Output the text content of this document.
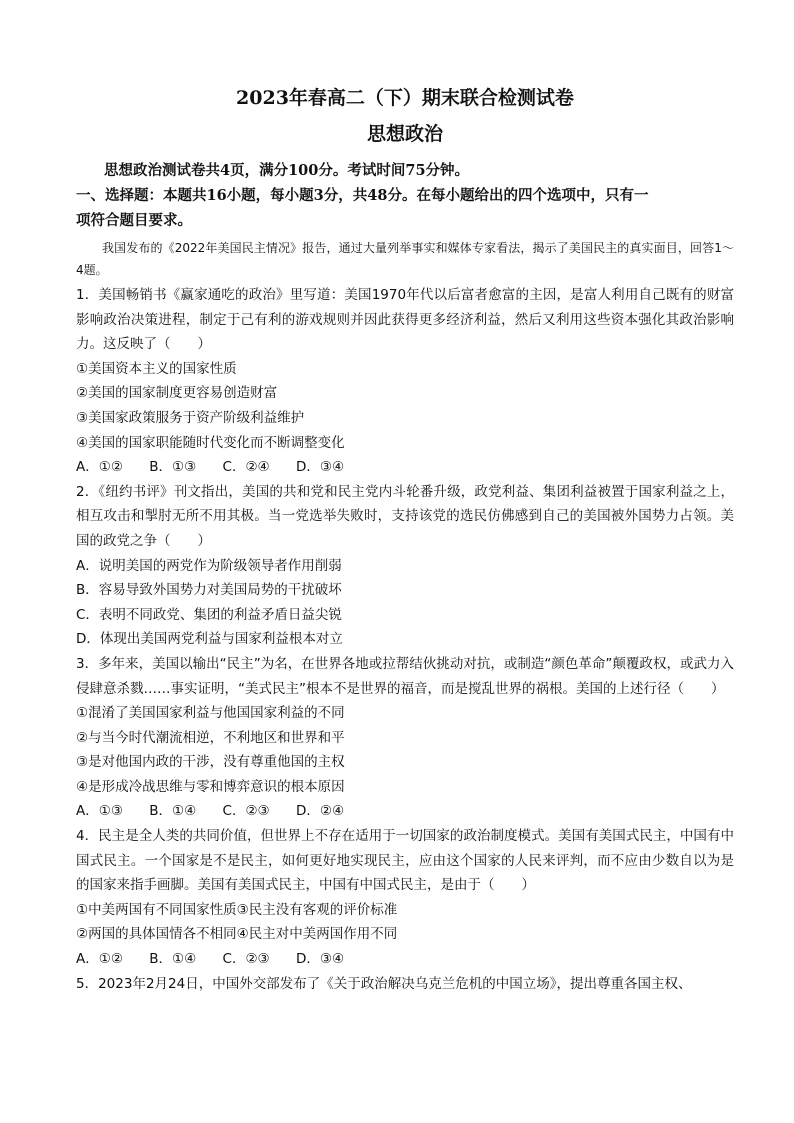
2023年春高二（下）期末联合检测试卷
思想政治

思想政治测试卷共4页，满分100分。考试时间75分钟。

一、选择题：本题共16小题，每小题3分，共48分。在每小题给出的四个选项中，只有一

项符合题目要求。

我国发布的《2022年美国民主情况》报告，通过大量列举事实和媒体专家看法，揭示了美国民主的真实面目，回答1～4题。

1．美国畅销书《赢家通吃的政治》里写道：美国1970年代以后富者愈富的主因，是富人利用自己既有的财富影响政治决策进程，制定于己有利的游戏规则并因此获得更多经济利益，然后又利用这些资本强化其政治影响力。这反映了（　　）

①美国资本主义的国家性质
②美国的国家制度更容易创造财富
③美国家政策服务于资产阶级利益维护
④美国的国家职能随时代变化而不断调整变化

A．①② B．①③ C．②④ D．③④

2．《纽约书评》刊文指出，美国的共和党和民主党内斗轮番升级，政党利益、集团利益被置于国家利益之上，相互攻击和掣肘无所不用其极。当一党选举失败时，支持该党的选民仿佛感到自己的美国被外国势力占领。美国的政党之争（　　）

A．说明美国的两党作为阶级领导者作用削弱
B．容易导致外国势力对美国局势的干扰破坏
C．表明不同政党、集团的利益矛盾日益尖锐
D．体现出美国两党利益与国家利益根本对立

3．多年来，美国以输出“民主”为名，在世界各地或拉帮结伙挑动对抗，或制造“颜色革命”颠覆政权，或武力入侵肆意杀戮……事实证明，“美式民主”根本不是世界的福音，而是搅乱世界的祸根。美国的上述行径（　　）

①混淆了美国国家利益与他国国家利益的不同
②与当今时代潮流相逆，不利地区和世界和平
③是对他国内政的干涉，没有尊重他国的主权
④是形成冷战思维与零和博弈意识的根本原因

A．①③ B．①④ C．②③ D．②④

4．民主是全人类的共同价值，但世界上不存在适用于一切国家的政治制度模式。美国有美国式民主，中国有中国式民主。一个国家是不是民主，如何更好地实现民主，应由这个国家的人民来评判，而不应由少数自以为是的国家来指手画脚。美国有美国式民主，中国有中国式民主，是由于（　　）

①中美两国有不同国家性质③民主没有客观的评价标准
②两国的具体国情各不相同④民主对中美两国作用不同

A．①② B．①④ C．②③ D．③④

5．2023年2月24日，中国外交部发布了《关于政治解决乌克兰危机的中国立场》，提出尊重各国主权、
